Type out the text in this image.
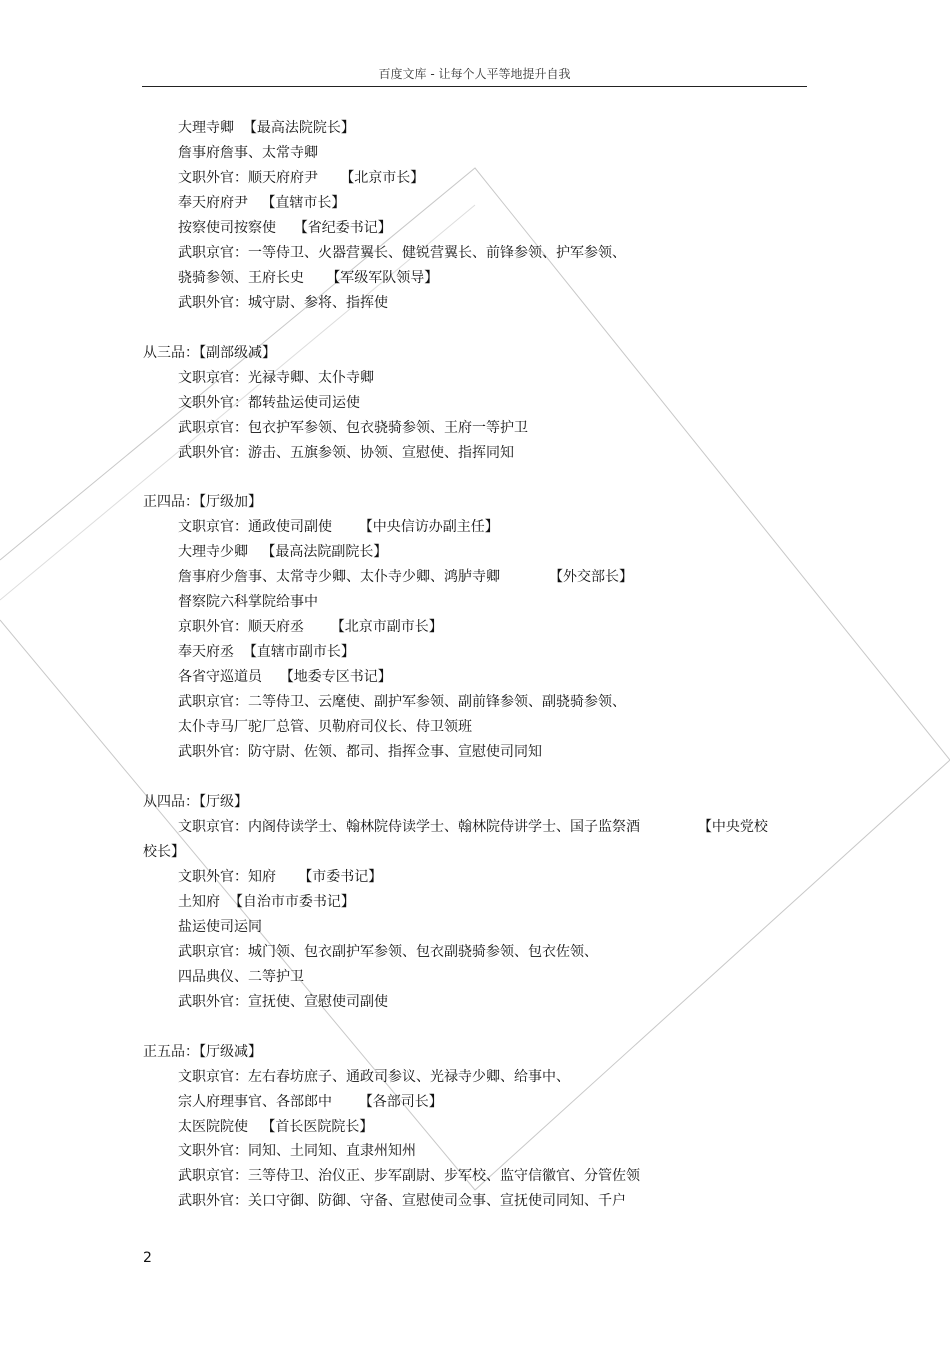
百度文库 - 让每个人平等地提升自我
大理寺卿  【最高法院院长】
詹事府詹事、太常寺卿
文职外官：顺天府府尹     【北京市长】
奉天府府尹   【直辖市长】
按察使司按察使    【省纪委书记】
武职京官：一等侍卫、火器营翼长、健锐营翼长、前锋参领、护军参领、
骁骑参领、王府长史     【军级军队领导】
武职外官：城守尉、参将、指挥使
从三品：【副部级减】
文职京官：光禄寺卿、太仆寺卿
文职外官：都转盐运使司运使
武职京官：包衣护军参领、包衣骁骑参领、王府一等护卫
武职外官：游击、五旗参领、协领、宣慰使、指挥同知
正四品：【厅级加】
文职京官：通政使司副使      【中央信访办副主任】
大理寺少卿   【最高法院副院长】
詹事府少詹事、太常寺少卿、太仆寺少卿、鸿胪寺卿           【外交部长】
督察院六科掌院给事中
京职外官：顺天府丞      【北京市副市长】
奉天府丞  【直辖市副市长】
各省守巡道员    【地委专区书记】
武职京官：二等侍卫、云麾使、副护军参领、副前锋参领、副骁骑参领、
太仆寺马厂驼厂总管、贝勒府司仪长、侍卫领班
武职外官：防守尉、佐领、都司、指挥佥事、宣慰使司同知
从四品：【厅级】
文职京官：内阁侍读学士、翰林院侍读学士、翰林院侍讲学士、国子监祭酒             【中央党校
校长】
文职外官：知府     【市委书记】
土知府  【自治市市委书记】
盐运使司运同
武职京官：城门领、包衣副护军参领、包衣副骁骑参领、包衣佐领、
四品典仪、二等护卫
武职外官：宣抚使、宣慰使司副使
正五品：【厅级减】
文职京官：左右春坊庶子、通政司参议、光禄寺少卿、给事中、
宗人府理事官、各部郎中      【各部司长】
太医院院使   【首长医院院长】
文职外官：同知、土同知、直隶州知州
武职京官：三等侍卫、治仪正、步军副尉、步军校、监守信徽官、分管佐领
武职外官：关口守御、防御、守备、宣慰使司佥事、宣抚使司同知、千户
2
